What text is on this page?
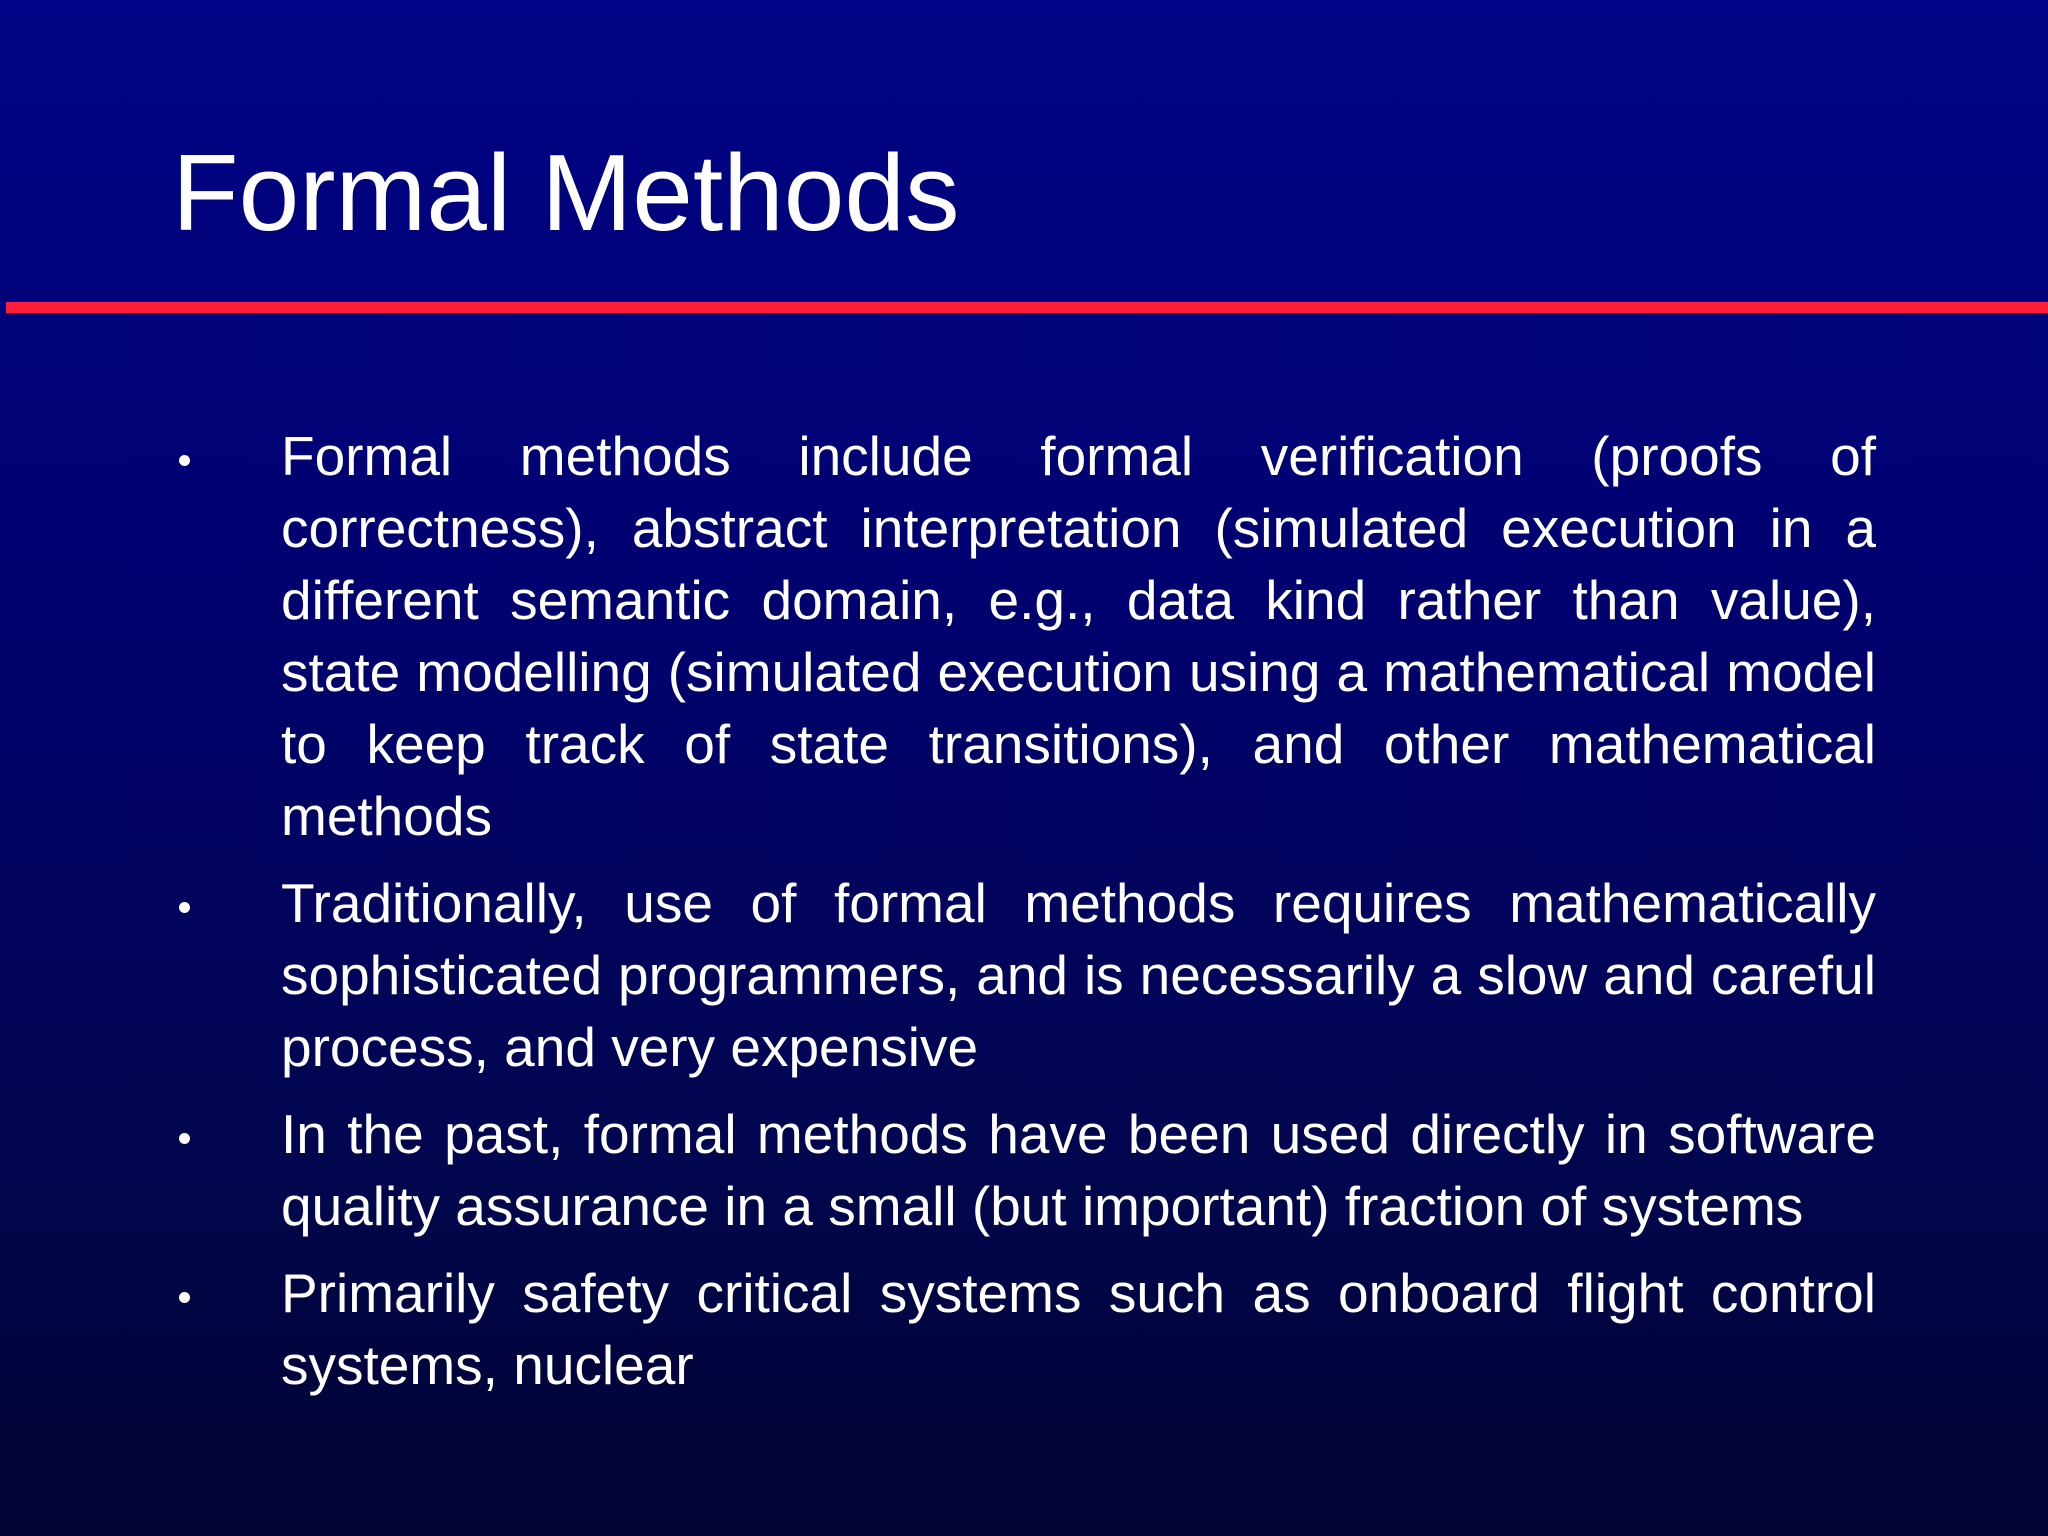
Formal Methods
Formal methods include formal verification (proofs of correctness), abstract interpretation (simulated execution in a different semantic domain, e.g., data kind rather than value), state modelling (simulated execution using a mathematical model to keep track of state transitions), and other mathematical methods
Traditionally, use of formal methods requires mathematically sophisticated programmers, and is necessarily a slow and careful process, and very expensive
In the past, formal methods have been used directly in software quality assurance in a small (but important) fraction of systems
Primarily safety critical systems such as onboard flight control systems, nuclear
